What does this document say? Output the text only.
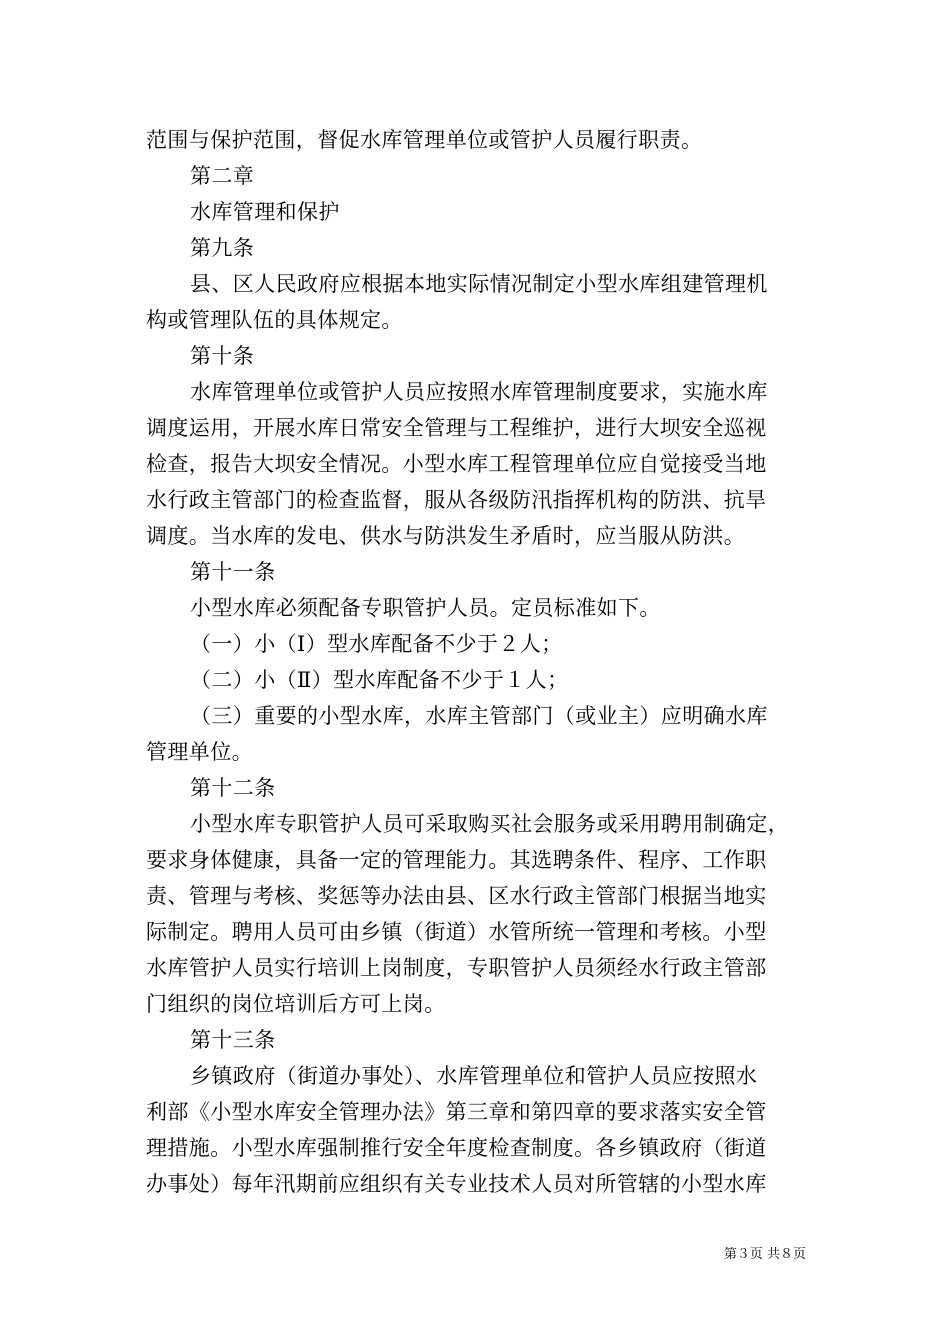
范围与保护范围，督促水库管理单位或管护人员履行职责。
第二章
水库管理和保护
第九条
县、区人民政府应根据本地实际情况制定小型水库组建管理机
构或管理队伍的具体规定。
第十条
水库管理单位或管护人员应按照水库管理制度要求，实施水库
调度运用，开展水库日常安全管理与工程维护，进行大坝安全巡视
检查，报告大坝安全情况。小型水库工程管理单位应自觉接受当地
水行政主管部门的检查监督，服从各级防汛指挥机构的防洪、抗旱
调度。当水库的发电、供水与防洪发生矛盾时，应当服从防洪。
第十一条
小型水库必须配备专职管护人员。定员标准如下。
（一）小（Ⅰ）型水库配备不少于２人；
（二）小（Ⅱ）型水库配备不少于１人；
（三）重要的小型水库，水库主管部门（或业主）应明确水库
管理单位。
第十二条
小型水库专职管护人员可采取购买社会服务或采用聘用制确定，
要求身体健康，具备一定的管理能力。其选聘条件、程序、工作职
责、管理与考核、奖惩等办法由县、区水行政主管部门根据当地实
际制定。聘用人员可由乡镇（街道）水管所统一管理和考核。小型
水库管护人员实行培训上岗制度，专职管护人员须经水行政主管部
门组织的岗位培训后方可上岗。
第十三条
乡镇政府（街道办事处）、水库管理单位和管护人员应按照水
利部《小型水库安全管理办法》第三章和第四章的要求落实安全管
理措施。小型水库强制推行安全年度检查制度。各乡镇政府（街道
办事处）每年汛期前应组织有关专业技术人员对所管辖的小型水库
第３页 共８页
